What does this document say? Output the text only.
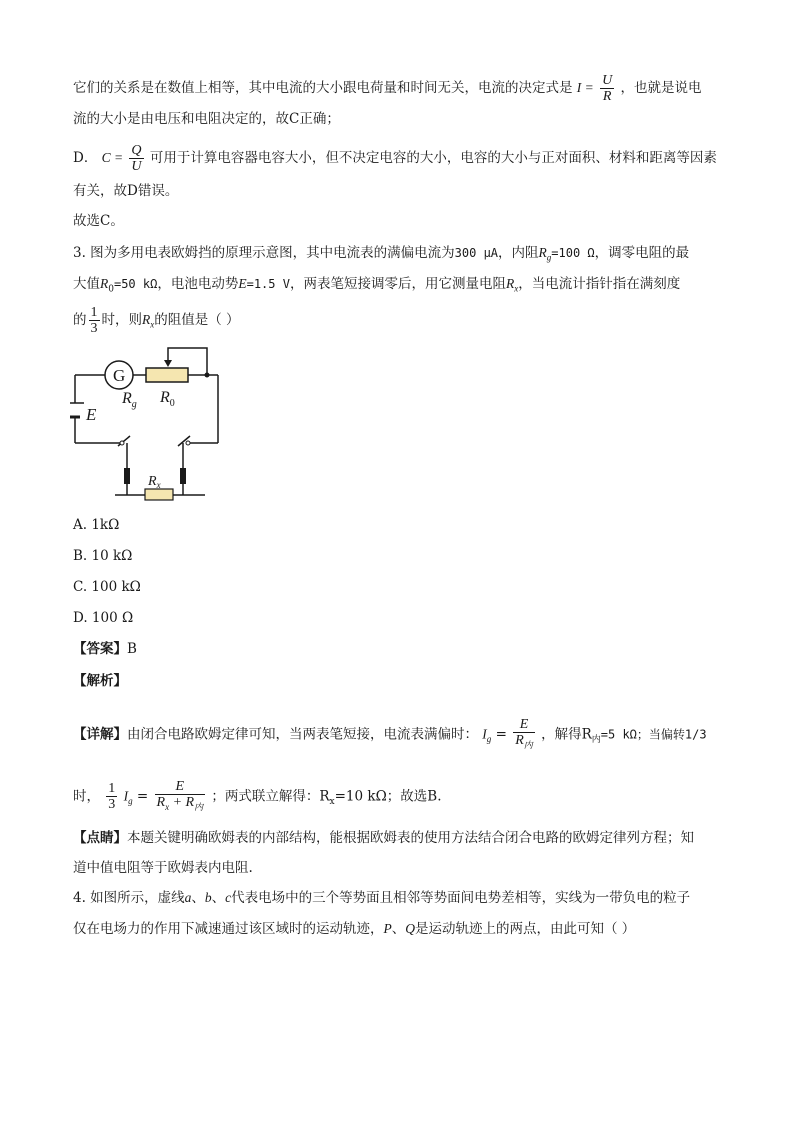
它们的关系是在数值上相等，其中电流的大小跟电荷量和时间无关，电流的决定式是 $I = \frac{U}{R}$ ，也就是说电
流的大小是由电压和电阻决定的，故C正确；
D． $C = \frac{Q}{U}$ 可用于计算电容器电容大小，但不决定电容的大小，电容的大小与正对面积、材料和距离等因素
有关，故D错误。
故选C。
3. 图为多用电表欧姆挡的原理示意图，其中电流表的满偏电流为300 μA，内阻$R_g=100$ Ω，调零电阻的最
大值$R_0=50$ kΩ，电池电动势E=1.5 V，两表笔短接调零后，用它测量电阻$R_x$，当电流计指针指在满刻度
的 $\frac{1}{3}$ 时，则$R_x$的阻值是（ ）
G
$R_g$ $R_0$
E
$R_x$
A. 1kΩ
B. 10 kΩ
C. 100 kΩ
D. 100 Ω
【答案】B
【解析】
【详解】由闭合电路欧姆定律可知，当两表笔短接，电流表满偏时： $I_g = \frac{E}{R_内}$ ，解得$R_内=5$ kΩ；当偏转1/3
时， $\frac{1}{3} I_g = \frac{E}{R_x + R_内}$ ；两式联立解得：$R_x=10$ kΩ；故选B.
【点睛】本题关键明确欧姆表的内部结构，能根据欧姆表的使用方法结合闭合电路的欧姆定律列方程；知
道中值电阻等于欧姆表内电阻.
4. 如图所示，虚线a、b、c代表电场中的三个等势面且相邻等势面间电势差相等，实线为一带负电的粒子
仅在电场力的作用下减速通过该区域时的运动轨迹，P、Q是运动轨迹上的两点，由此可知（ ）
